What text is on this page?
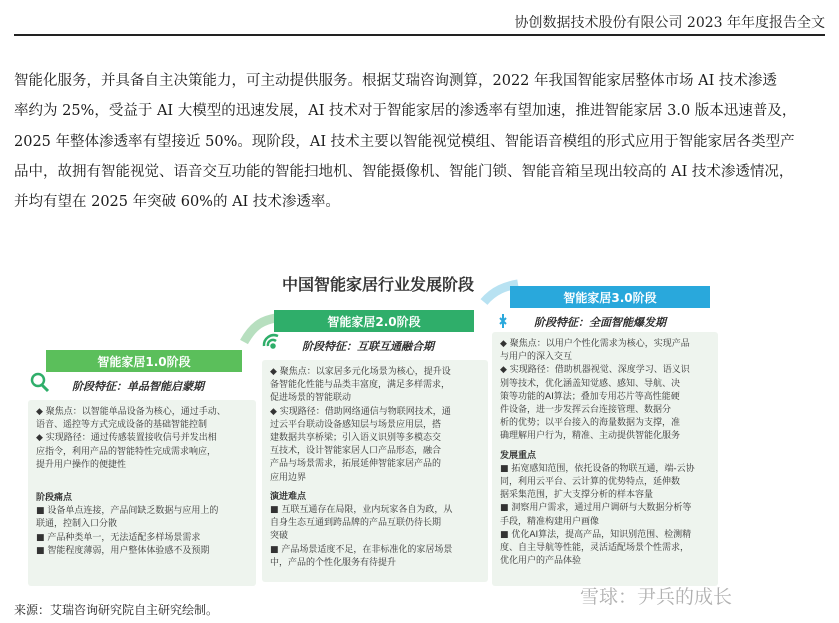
协创数据技术股份有限公司 2023 年年度报告全文
智能化服务，并具备自主决策能力，可主动提供服务。根据艾瑞咨询测算，2022 年我国智能家居整体市场 AI 技术渗透
率约为 25%，受益于 AI 大模型的迅速发展，AI 技术对于智能家居的渗透率有望加速，推进智能家居 3.0 版本迅速普及，
2025 年整体渗透率有望接近 50%。现阶段，AI 技术主要以智能视觉模组、智能语音模组的形式应用于智能家居各类型产
品中，故拥有智能视觉、语音交互功能的智能扫地机、智能摄像机、智能门锁、智能音箱呈现出较高的 AI 技术渗透情况，
并均有望在 2025 年突破 60%的 AI 技术渗透率。
中国智能家居行业发展阶段
智能家居1.0阶段
智能家居2.0阶段
智能家居3.0阶段
阶段特征：单品智能启蒙期
阶段特征：互联互通融合期
阶段特征：全面智能爆发期
◆ 聚焦点：以智能单品设备为核心，通过手动、
语音、遥控等方式完成设备的基础智能控制
◆ 实现路径：通过传感装置接收信号并发出相
应指令，利用产品的智能特性完成需求响应，
提升用户操作的便捷性
阶段痛点
■ 设备单点连接，产品间缺乏数据与应用上的
联通，控制入口分散
■ 产品种类单一，无法适配多样场景需求
■ 智能程度薄弱，用户整体体验感不及预期
◆ 聚焦点：以家居多元化场景为核心，提升设
备智能化性能与品类丰富度，满足多样需求，
促进场景的智能联动
◆ 实现路径：借助网络通信与物联网技术，通
过云平台联动设备感知层与场景应用层，搭
建数据共享桥梁；引入语义识别等多模态交
互技术，设计智能家居人口产品形态，融合
产品与场景需求，拓展延伸智能家居产品的
应用边界
演进难点
■ 互联互通存在局限，业内玩家各自为政，从
自身生态互通到跨品牌的产品互联仍待长期
突破
■ 产品场景适度不足，在非标准化的家居场景
中，产品的个性化服务有待提升
◆ 聚焦点：以用户个性化需求为核心，实现产品
与用户的深入交互
◆ 实现路径：借助机器视觉、深度学习、语义识
别等技术，优化涵盖知觉感、感知、导航、决
策等功能的AI算法；叠加专用芯片等高性能硬
件设备，进一步发挥云台连接管理、数据分
析的优势；以平台接入的海量数据为支撑，准
确理解用户行为，精准、主动提供智能化服务
发展重点
■ 拓宽感知范围，依托设备的物联互通，端-云协
同，利用云平台、云计算的优势特点，延伸数
据采集范围，扩大支撑分析的样本容量
■ 洞察用户需求，通过用户调研与大数据分析等
手段，精准构建用户画像
■ 优化AI算法，提高产品，知识别范围、检测精
度、自主导航等性能，灵活适配场景个性需求，
优化用户的产品体验
来源：艾瑞咨询研究院自主研究绘制。
雪球：尹兵的成长
